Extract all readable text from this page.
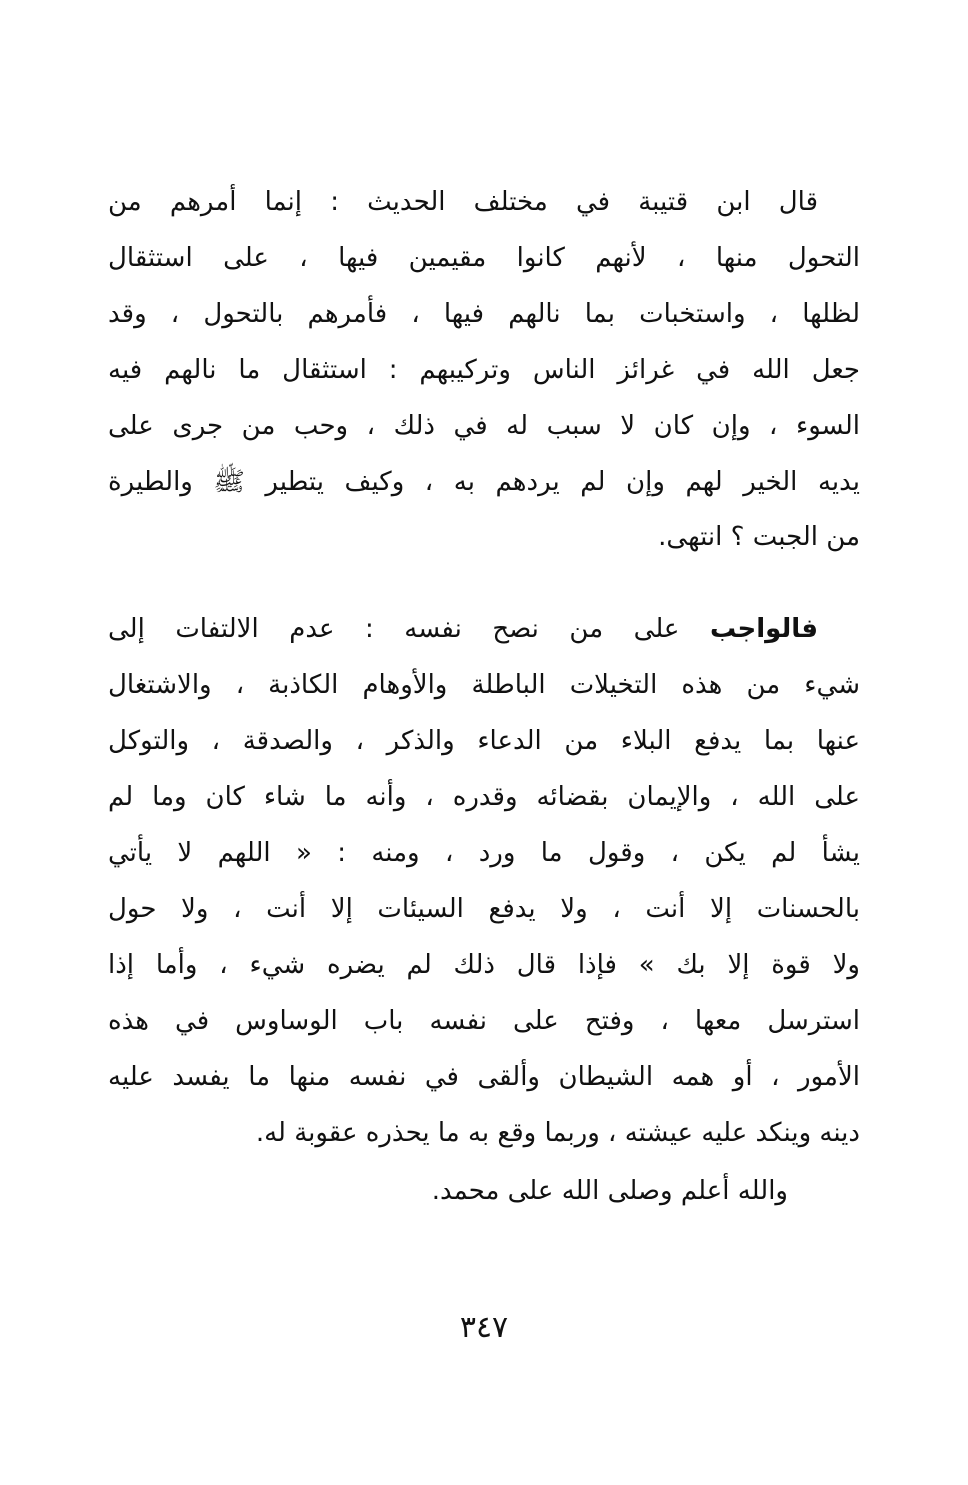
قال ابن قتيبة في مختلف الحديث : إنما أمرهم من
التحول منها ، لأنهم كانوا مقيمين فيها ، على استثقال
لظلها ، واستخبات بما نالهم فيها ، فأمرهم بالتحول ، وقد
جعل الله في غرائز الناس وتركيبهم : استثقال ما نالهم فيه
السوء ، وإن كان لا سبب له في ذلك ، وحب من جرى على
يديه الخير لهم وإن لم يردهم به ، وكيف يتطير ﷺ والطيرة
من الجبت ؟ انتهى.
فالواجب على من نصح نفسه : عدم الالتفات إلى
شيء من هذه التخيلات الباطلة والأوهام الكاذبة ، والاشتغال
عنها بما يدفع البلاء من الدعاء والذكر ، والصدقة ، والتوكل
على الله ، والإيمان بقضائه وقدره ، وأنه ما شاء كان وما لم
يشأ لم يكن ، وقول ما ورد ، ومنه : « اللهم لا يأتي
بالحسنات إلا أنت ، ولا يدفع السيئات إلا أنت ، ولا حول
ولا قوة إلا بك » فإذا قال ذلك لم يضره شيء ، وأما إذا
استرسل معها ، وفتح على نفسه باب الوساوس في هذه
الأمور ، أو همه الشيطان وألقى في نفسه منها ما يفسد عليه
دينه وينكد عليه عيشته ، وربما وقع به ما يحذره عقوبة له.
والله أعلم وصلى الله على محمد.
٣٤٧
